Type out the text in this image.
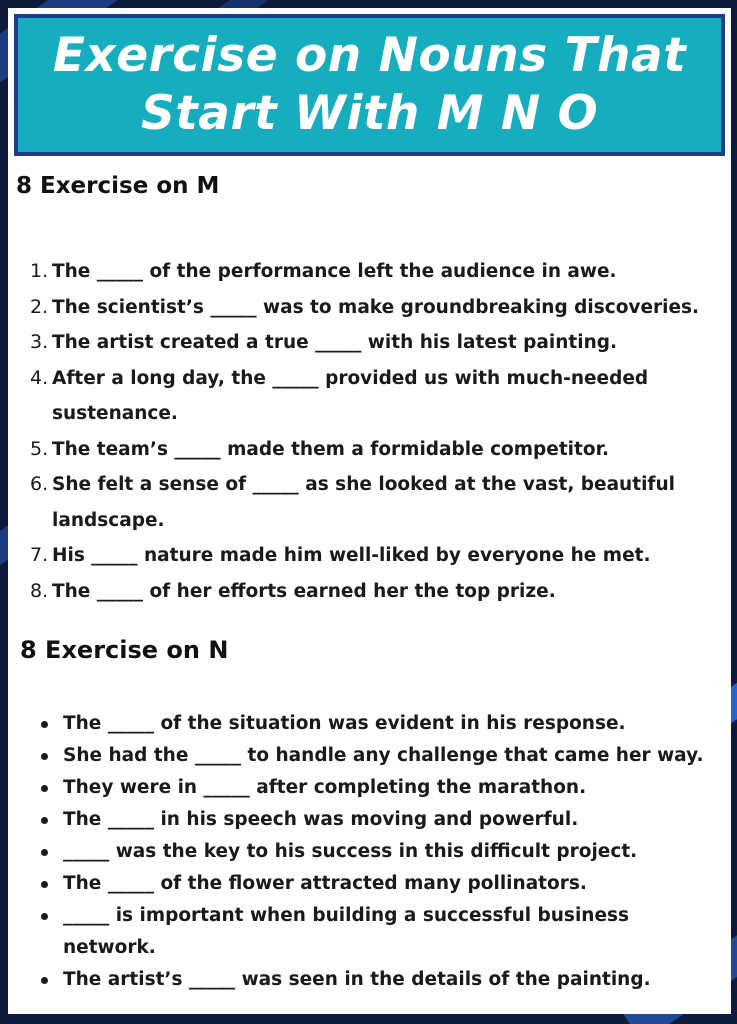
Exercise on Nouns That Start With M N O
8 Exercise on M
1. The _____ of the performance left the audience in awe.
2. The scientist’s _____ was to make groundbreaking discoveries.
3. The artist created a true _____ with his latest painting.
4. After a long day, the _____ provided us with much-needed sustenance.
5. The team’s _____ made them a formidable competitor.
6. She felt a sense of _____ as she looked at the vast, beautiful landscape.
7. His _____ nature made him well-liked by everyone he met.
8. The _____ of her efforts earned her the top prize.
8 Exercise on N
The _____ of the situation was evident in his response.
She had the _____ to handle any challenge that came her way.
They were in _____ after completing the marathon.
The _____ in his speech was moving and powerful.
_____ was the key to his success in this difficult project.
The _____ of the flower attracted many pollinators.
_____ is important when building a successful business network.
The artist’s _____ was seen in the details of the painting.
